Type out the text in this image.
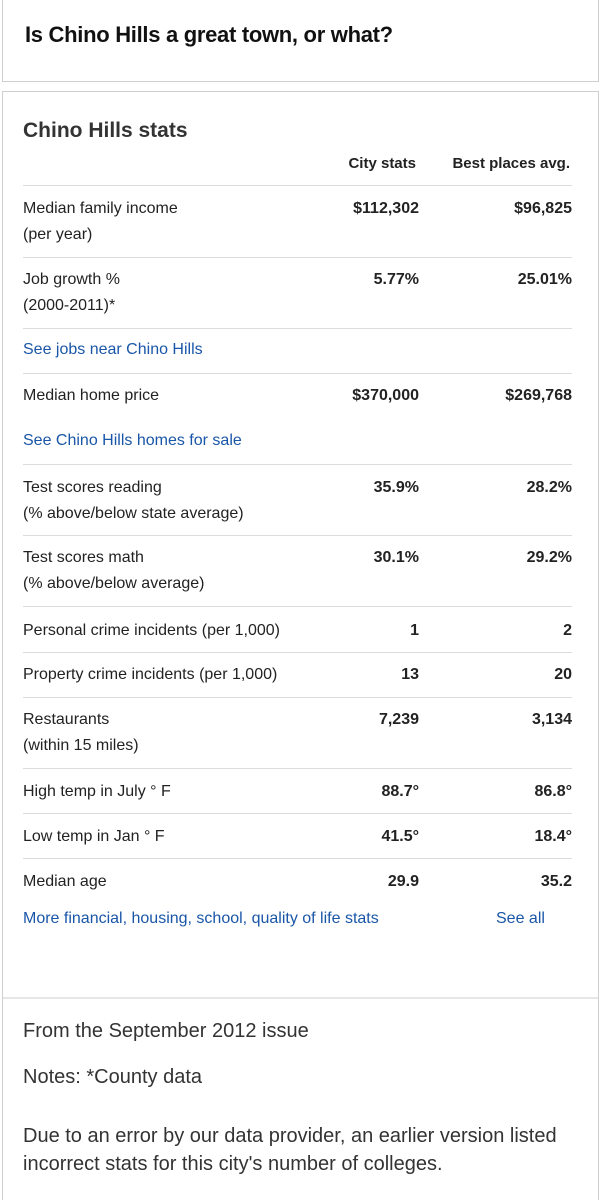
Is Chino Hills a great town, or what?
Chino Hills stats
City stats Best places avg.
Median family income
(per year)
$112,302	$96,825
Job growth %
(2000-2011)*
5.77%	25.01%
See jobs near Chino Hills
Median home price	$370,000	$269,768
See Chino Hills homes for sale
Test scores reading
(% above/below state average)
35.9%	28.2%
Test scores math
(% above/below average)
30.1%	29.2%
Personal crime incidents (per 1,000)	1	2
Property crime incidents (per 1,000)	13	20
Restaurants
(within 15 miles)
7,239	3,134
High temp in July ° F	88.7°	86.8°
Low temp in Jan ° F	41.5°	18.4°
Median age	29.9	35.2
More financial, housing, school, quality of life stats	See all
From the September 2012 issue
Notes: *County data
Due to an error by our data provider, an earlier version listed incorrect stats for this city's number of colleges.
